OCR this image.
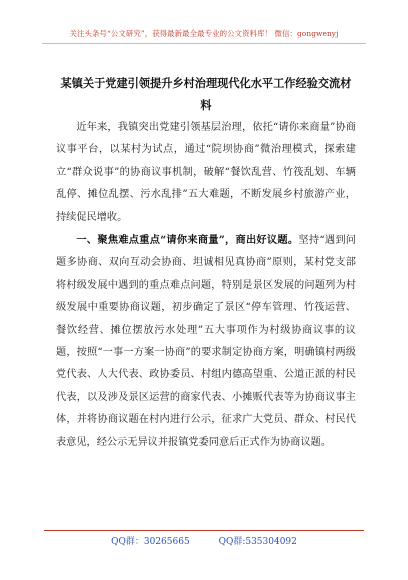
关注头条号“公文研究”，获得最新最全最专业的公文资料库！ 微信：gongwenyj
某镇关于党建引领提升乡村治理现代化水平工作经验交流材料

近年来，我镇突出党建引领基层治理，依托“请你来商量”协商议事平台，以某村为试点，通过“院坝协商”微治理模式，探索建立“群众说事”的协商议事机制，破解“餐饮乱营、竹筏乱划、车辆乱停、摊位乱摆、污水乱排”五大难题，不断发展乡村旅游产业，持续促民增收。

一、聚焦难点重点“请你来商量”，商出好议题。坚持“遇到问题多协商、双向互动会协商、坦诚相见真协商”原则，某村党支部将村级发展中遇到的重点难点问题，特别是景区发展的问题列为村级发展中重要协商议题，初步确定了景区“停车管理、竹筏运营、餐饮经营、摊位摆放污水处理”五大事项作为村级协商议事的议题，按照“一事一方案一协商”的要求制定协商方案，明确镇村两级党代表、人大代表、政协委员、村组内德高望重、公道正派的村民代表，以及涉及景区运营的商家代表、小摊贩代表等为协商议事主体，并将协商议题在村内进行公示，征求广大党员、群众、村民代表意见，经公示无异议并报镇党委同意后正式作为协商议题。

QQ群：30265665	QQ群:535304092
